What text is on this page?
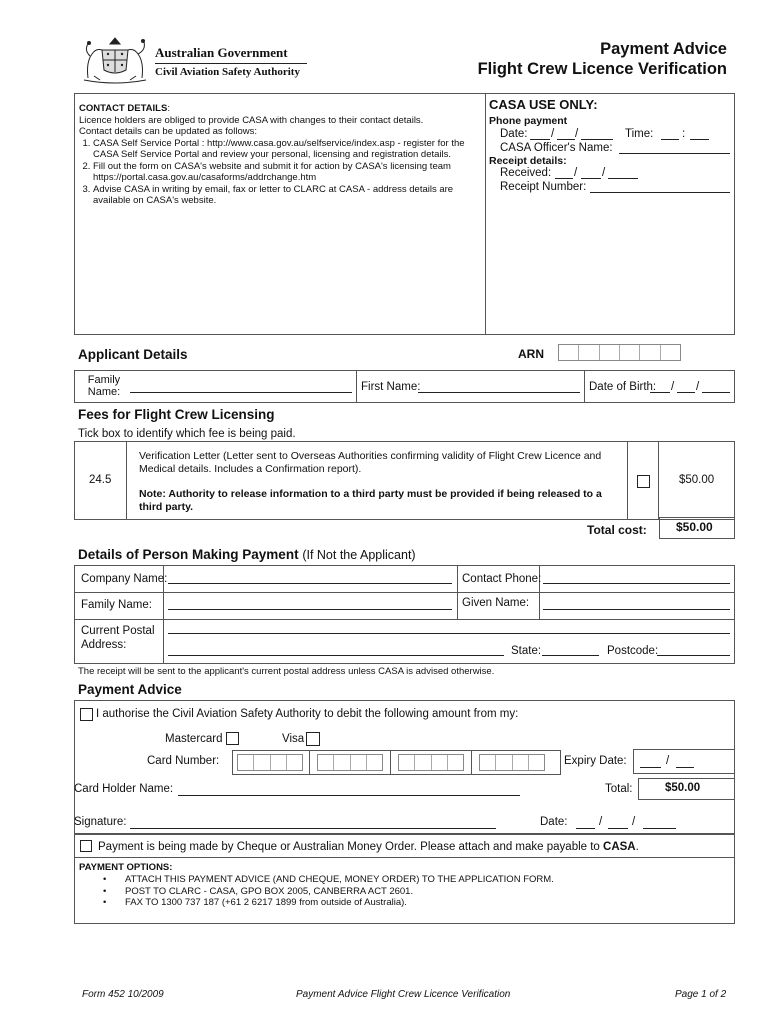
Australian Government
Civil Aviation Safety Authority
Payment Advice
Flight Crew Licence Verification
CONTACT DETAILS:
Licence holders are obliged to provide CASA with changes to their contact details.
Contact details can be updated as follows:
1. CASA Self Service Portal : http://www.casa.gov.au/selfservice/index.asp - register for the CASA Self Service Portal and review your personal, licensing and registration details.
2. Fill out the form on CASA's website and submit it for action by CASA's licensing team https://portal.casa.gov.au/casaforms/addrchange.htm
3. Advise CASA in writing by email, fax or letter to CLARC at CASA - address details are available on CASA's website.
CASA USE ONLY:
Phone payment
Date: / /	Time: :
CASA Officer's Name:
Receipt details:
Received: / /
Receipt Number:
Applicant Details	ARN
Family Name:	First Name:	Date of Birth: / /
Fees for Flight Crew Licensing
Tick box to identify which fee is being paid.
24.5
Verification Letter (Letter sent to Overseas Authorities confirming validity of Flight Crew Licence and Medical details. Includes a Confirmation report).
Note: Authority to release information to a third party must be provided if being released to a third party.
$50.00
Total cost: $50.00
Details of Person Making Payment (If Not the Applicant)
Company Name:	Contact Phone:
Family Name:	Given Name:
Current Postal
Address:	State:	Postcode:
The receipt will be sent to the applicant's current postal address unless CASA is advised otherwise.
Payment Advice
I authorise the Civil Aviation Safety Authority to debit the following amount from my:
Mastercard	Visa
Card Number:	Expiry Date:	/
Card Holder Name:	Total:	$50.00
Signature:	Date:	/	/
Payment is being made by Cheque or Australian Money Order. Please attach and make payable to CASA.
PAYMENT OPTIONS:
• ATTACH THIS PAYMENT ADVICE (AND CHEQUE, MONEY ORDER) TO THE APPLICATION FORM.
• POST TO CLARC - CASA, GPO BOX 2005, CANBERRA ACT 2601.
• FAX TO 1300 737 187 (+61 2 6217 1899 from outside of Australia).
Form 452 10/2009	Payment Advice Flight Crew Licence Verification	Page 1 of 2
